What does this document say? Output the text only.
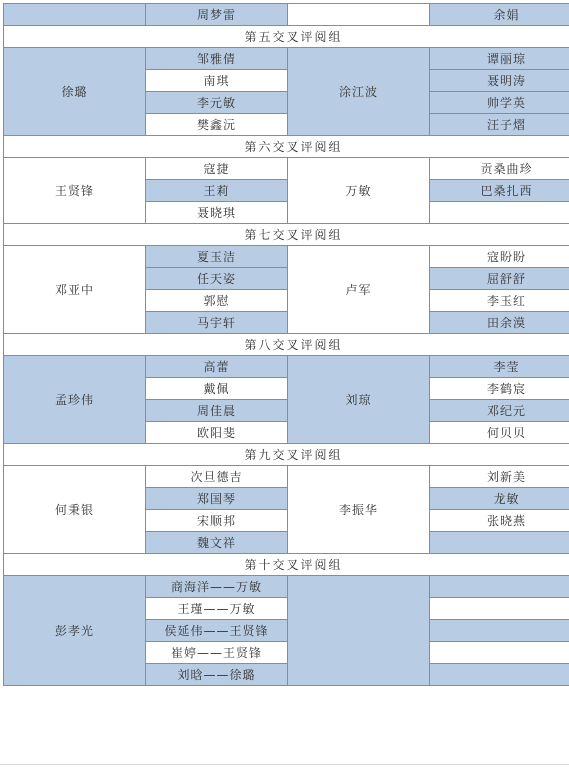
	周梦雷		余娟
第五交叉评阅组			
徐璐	邹雅倩	涂江波	谭丽琼
	南琪		聂明涛
	李元敏		帅学英
	樊鑫沅		汪子熠
第六交叉评阅组			
王贤锋	寇捷	万敏	贡桑曲珍
	王莉		巴桑扎西
	聂晓琪		
第七交叉评阅组			
邓亚中	夏玉洁	卢军	寇盼盼
	任天姿		屈舒舒
	郭慰		李玉红
	马宇轩		田余漠
第八交叉评阅组			
孟珍伟	高蕾	刘琼	李莹
	戴佩		李鹤宸
	周佳晨		邓纪元
	欧阳斐		何贝贝
第九交叉评阅组			
何秉银	次旦德吉	李振华	刘新美
	郑国琴		龙敏
	宋顺邦		张晓燕
	魏文祥		
第十交叉评阅组			
彭孝光	商海洋——万敏		
	王瑾——万敏		
	侯延伟——王贤锋		
	崔婷——王贤锋		
	刘晗——徐璐		
